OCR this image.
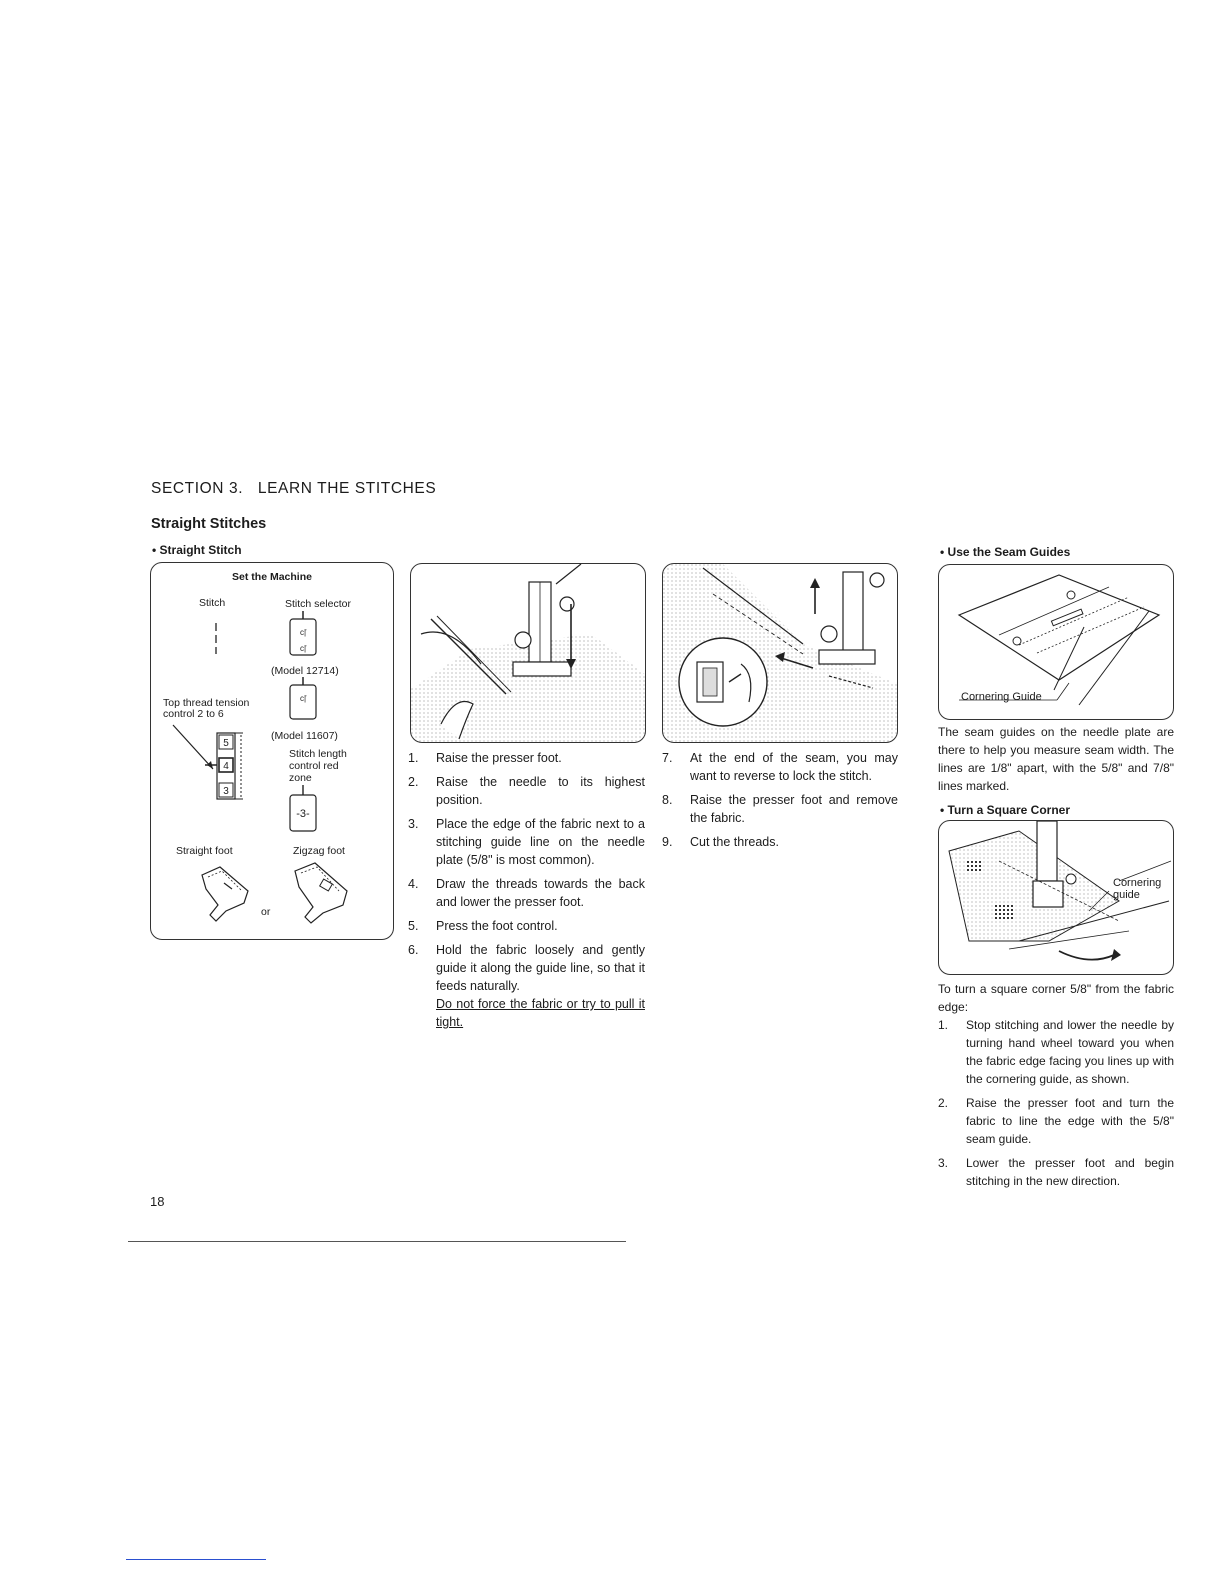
SECTION 3.   LEARN THE STITCHES
Straight Stitches
• Straight Stitch
Set the Machine
Stitch	Stitch selector
c|͗
c|͗
(Model 12714)
c|͗
(Model 11607)
Top thread tension
control 2 to 6
5
4
3
Stitch length
control red
zone
-3-
Straight foot	Zigzag foot
or
1. Raise the presser foot.
2. Raise the needle to its highest position.
3. Place the edge of the fabric next to a stitching guide line on the needle plate (5/8" is most common).
4. Draw the threads towards the back and lower the presser foot.
5. Press the foot control.
6. Hold the fabric loosely and gently guide it along the guide line, so that it feeds naturally.
Do not force the fabric or try to pull it tight.
7. At the end of the seam, you may want to reverse to lock the stitch.
8. Raise the presser foot and remove the fabric.
9. Cut the threads.
• Use the Seam Guides
Cornering Guide
The seam guides on the needle plate are there to help you measure seam width. The lines are 1/8" apart, with the 5/8" and 7/8" lines marked.
• Turn a Square Corner
Cornering
guide
To turn a square corner 5/8" from the fabric edge:
1. Stop stitching and lower the needle by turning hand wheel toward you when the fabric edge facing you lines up with the cornering guide, as shown.
2. Raise the presser foot and turn the fabric to line the edge with the 5/8" seam guide.
3. Lower the presser foot and begin stitching in the new direction.
18
